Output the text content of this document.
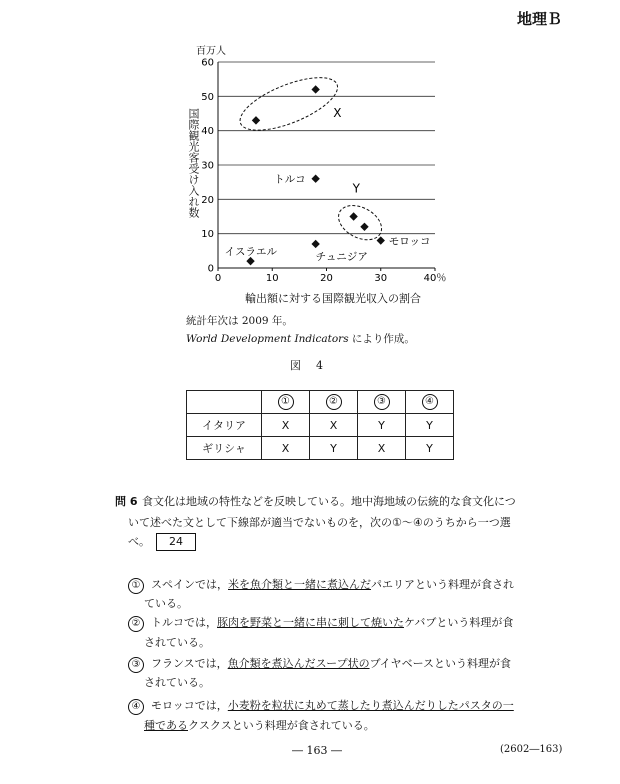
地理Ｂ
0
10
20
30
40
50
60
0	10	20	30	40％
X
Y
トルコ
モロッコ
チュニジア
イスラエル
百万人
国際観光客受け入れ数
輸出額に対する国際観光収入の割合
統計年次は 2009 年。
World Development Indicators により作成。
図　4
	①	②	③	④
イタリア	X	X	Y	Y
ギリシャ	X	Y	X	Y
問 6 食文化は地域の特性などを反映している。地中海地域の伝統的な食文化につ
いて述べた文として下線部が適当でないものを，次の①～④のうちから一つ選
べ。 24
① スペインでは，米を魚介類と一緒に煮込んだパエリアという料理が食され
ている。
② トルコでは，豚肉を野菜と一緒に串に刺して焼いたケバブという料理が食
されている。
③ フランスでは，魚介類を煮込んだスープ状のブイヤベースという料理が食
されている。
④ モロッコでは，小麦粉を粒状に丸めて蒸したり煮込んだりしたパスタの一
種であるクスクスという料理が食されている。
― 163 ―	(2602―163)
